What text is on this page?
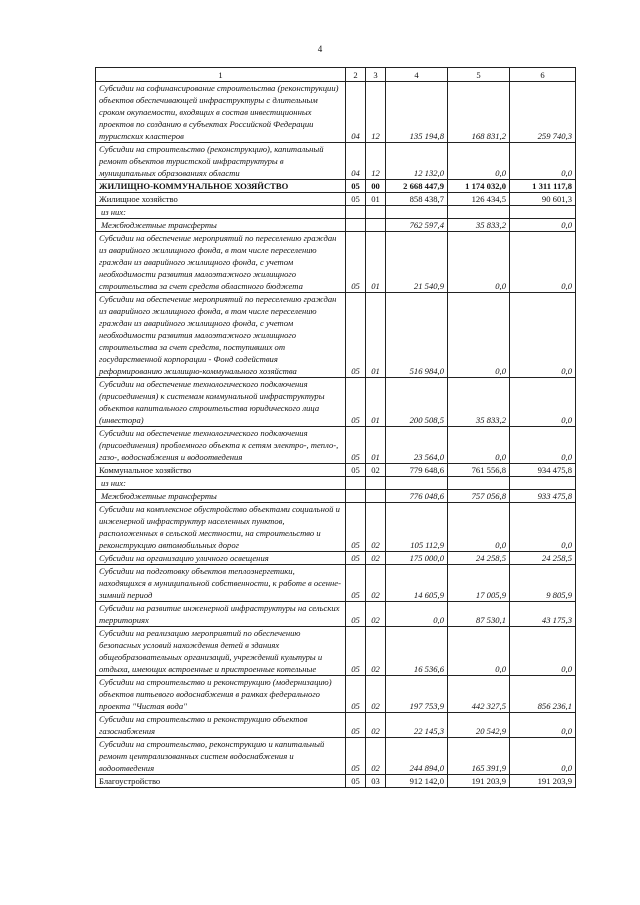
4
1	2	3	4	5	6
Субсидии на софинансирование строительства (реконструкции) объектов обеспечивающей инфраструктуры с длительным сроком окупаемости, входящих в состав инвестиционных проектов по созданию в субъектах Российской Федерации туристских кластеров	04	12	135 194,8	168 831,2	259 740,3
Субсидии на строительство (реконструкцию), капитальный ремонт объектов туристской инфраструктуры в муниципальных образованиях области	04	12	12 132,0	0,0	0,0
ЖИЛИЩНО-КОММУНАЛЬНОЕ ХОЗЯЙСТВО	05	00	2 668 447,9	1 174 032,0	1 311 117,8
Жилищное хозяйство	05	01	858 438,7	126 434,5	90 601,3
из них:					
Межбюджетные трансферты			762 597,4	35 833,2	0,0
Субсидии на обеспечение мероприятий по переселению граждан из аварийного жилищного фонда, в том числе переселению граждан из аварийного жилищного фонда, с учетом необходимости развития малоэтажного жилищного строительства за счет средств областного бюджета	05	01	21 540,9	0,0	0,0
Субсидии на обеспечение мероприятий по переселению граждан из аварийного жилищного фонда, в том числе переселению граждан из аварийного жилищного фонда, с учетом необходимости развития малоэтажного жилищного строительства за счет средств, поступивших от государственной корпорации - Фонд содействия реформированию жилищно-коммунального хозяйства	05	01	516 984,0	0,0	0,0
Субсидии на обеспечение технологического подключения (присоединения) к системам коммунальной инфраструктуры объектов капитального строительства юридического лица (инвестора)	05	01	200 508,5	35 833,2	0,0
Субсидии на обеспечение технологического подключения (присоединения) проблемного объекта к сетям электро-, тепло-, газо-, водоснабжения и водоотведения	05	01	23 564,0	0,0	0,0
Коммунальное хозяйство	05	02	779 648,6	761 556,8	934 475,8
из них:					
Межбюджетные трансферты			776 048,6	757 056,8	933 475,8
Субсидии на комплексное обустройство объектами социальной и инженерной инфраструктур населенных пунктов, расположенных в сельской местности, на строительство и реконструкцию автомобильных дорог	05	02	105 112,9	0,0	0,0
Субсидии на организацию уличного освещения	05	02	175 000,0	24 258,5	24 258,5
Субсидии на подготовку объектов теплоэнергетики, находящихся в муниципальной собственности, к работе в осенне-зимний период	05	02	14 605,9	17 005,9	9 805,9
Субсидии на развитие инженерной инфраструктуры на сельских территориях	05	02	0,0	87 530,1	43 175,3
Субсидии на реализацию мероприятий по обеспечению безопасных условий нахождения детей в зданиях общеобразовательных организаций, учреждений культуры и отдыха, имеющих встроенные и пристроенные котельные	05	02	16 536,6	0,0	0,0
Субсидии на строительство и реконструкцию (модернизацию) объектов питьевого водоснабжения в рамках федерального проекта "Чистая вода"	05	02	197 753,9	442 327,5	856 236,1
Субсидии на строительство и реконструкцию объектов газоснабжения	05	02	22 145,3	20 542,9	0,0
Субсидии на строительство, реконструкцию и капитальный ремонт централизованных систем водоснабжения и водоотведения	05	02	244 894,0	165 391,9	0,0
Благоустройство	05	03	912 142,0	191 203,9	191 203,9
